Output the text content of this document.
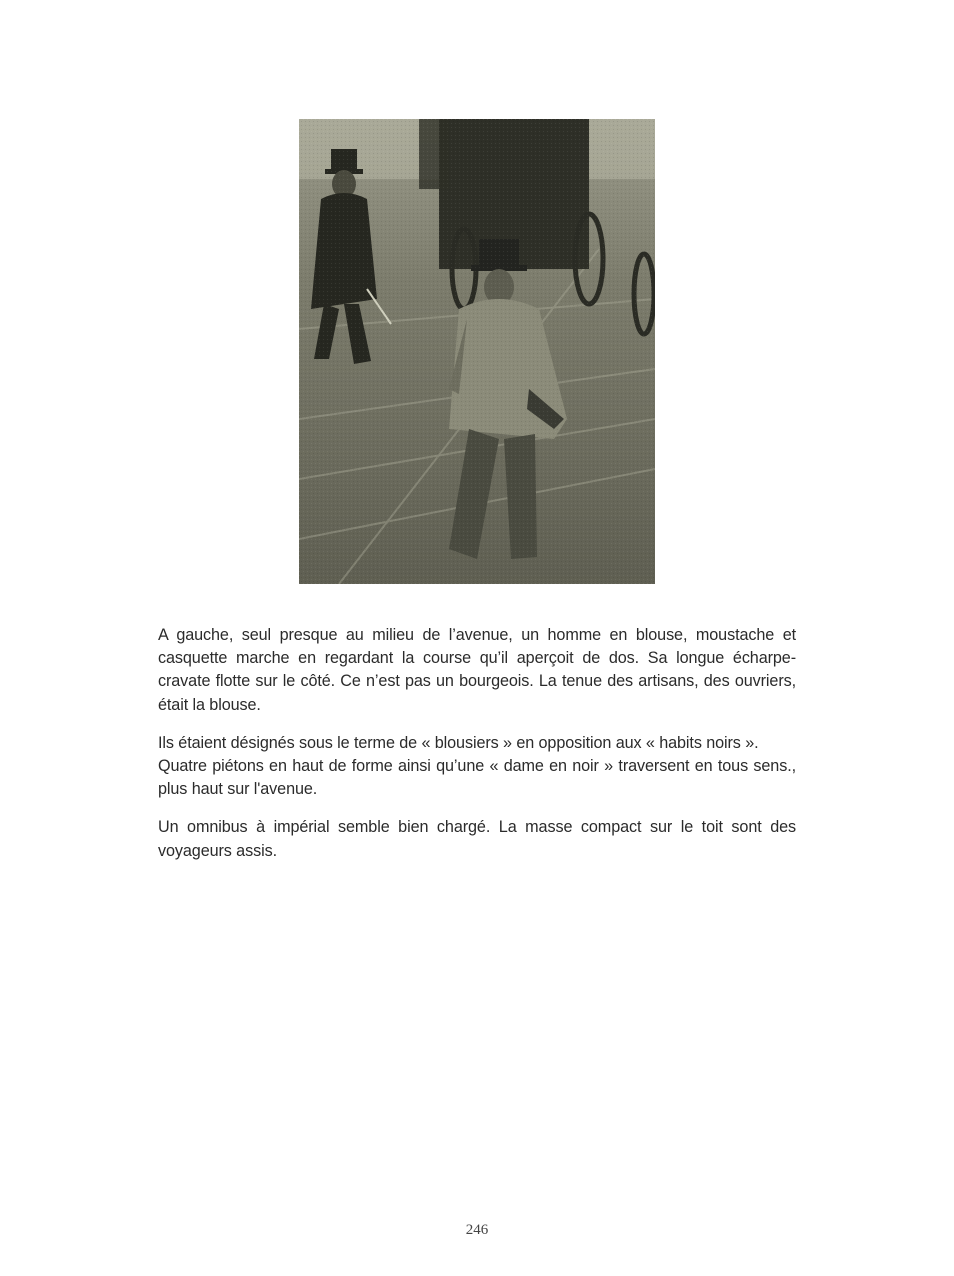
A gauche, seul presque au milieu de l’avenue, un homme en blouse, moustache et casquette marche en regardant la course qu’il aperçoit de dos. Sa longue écharpe-cravate flotte sur le côté. Ce n’est pas un bourgeois. La tenue des artisans, des ouvriers, était la blouse.

Ils étaient désignés sous le terme de « blousiers » en opposition aux « habits noirs ».
Quatre piétons en haut de forme ainsi qu’une « dame en noir » traversent en tous sens., plus haut sur l'avenue.

Un omnibus à impérial semble bien chargé. La masse compact sur le toit sont des voyageurs assis.

246
